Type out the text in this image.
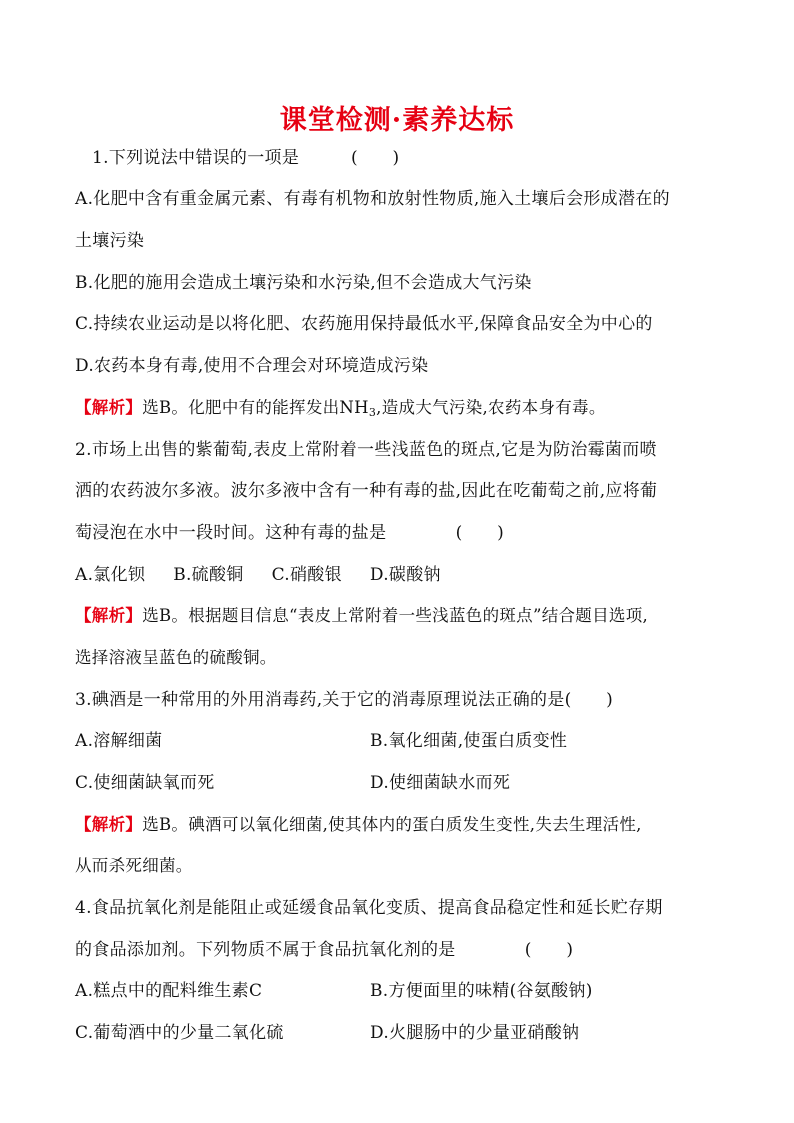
课堂检测·素养达标
1.下列说法中错误的一项是　　　(　　)
A.化肥中含有重金属元素、有毒有机物和放射性物质,施入土壤后会形成潜在的
土壤污染
B.化肥的施用会造成土壤污染和水污染,但不会造成大气污染
C.持续农业运动是以将化肥、农药施用保持最低水平,保障食品安全为中心的
D.农药本身有毒,使用不合理会对环境造成污染
【解析】选B。化肥中有的能挥发出$NH_3$,造成大气污染,农药本身有毒。
2.市场上出售的紫葡萄,表皮上常附着一些浅蓝色的斑点,它是为防治霉菌而喷
洒的农药波尔多液。波尔多液中含有一种有毒的盐,因此在吃葡萄之前,应将葡
萄浸泡在水中一段时间。这种有毒的盐是　　　　(　　)
A.氯化钡 B.硫酸铜 C.硝酸银 D.碳酸钠
【解析】选B。根据题目信息“表皮上常附着一些浅蓝色的斑点”结合题目选项,
选择溶液呈蓝色的硫酸铜。
3.碘酒是一种常用的外用消毒药,关于它的消毒原理说法正确的是(　　)
A.溶解细菌	B.氧化细菌,使蛋白质变性
C.使细菌缺氧而死	D.使细菌缺水而死
【解析】选B。碘酒可以氧化细菌,使其体内的蛋白质发生变性,失去生理活性,
从而杀死细菌。
4.食品抗氧化剂是能阻止或延缓食品氧化变质、提高食品稳定性和延长贮存期
的食品添加剂。下列物质不属于食品抗氧化剂的是　　　　(　　)
A.糕点中的配料维生素C	B.方便面里的味精(谷氨酸钠)
C.葡萄酒中的少量二氧化硫	D.火腿肠中的少量亚硝酸钠
